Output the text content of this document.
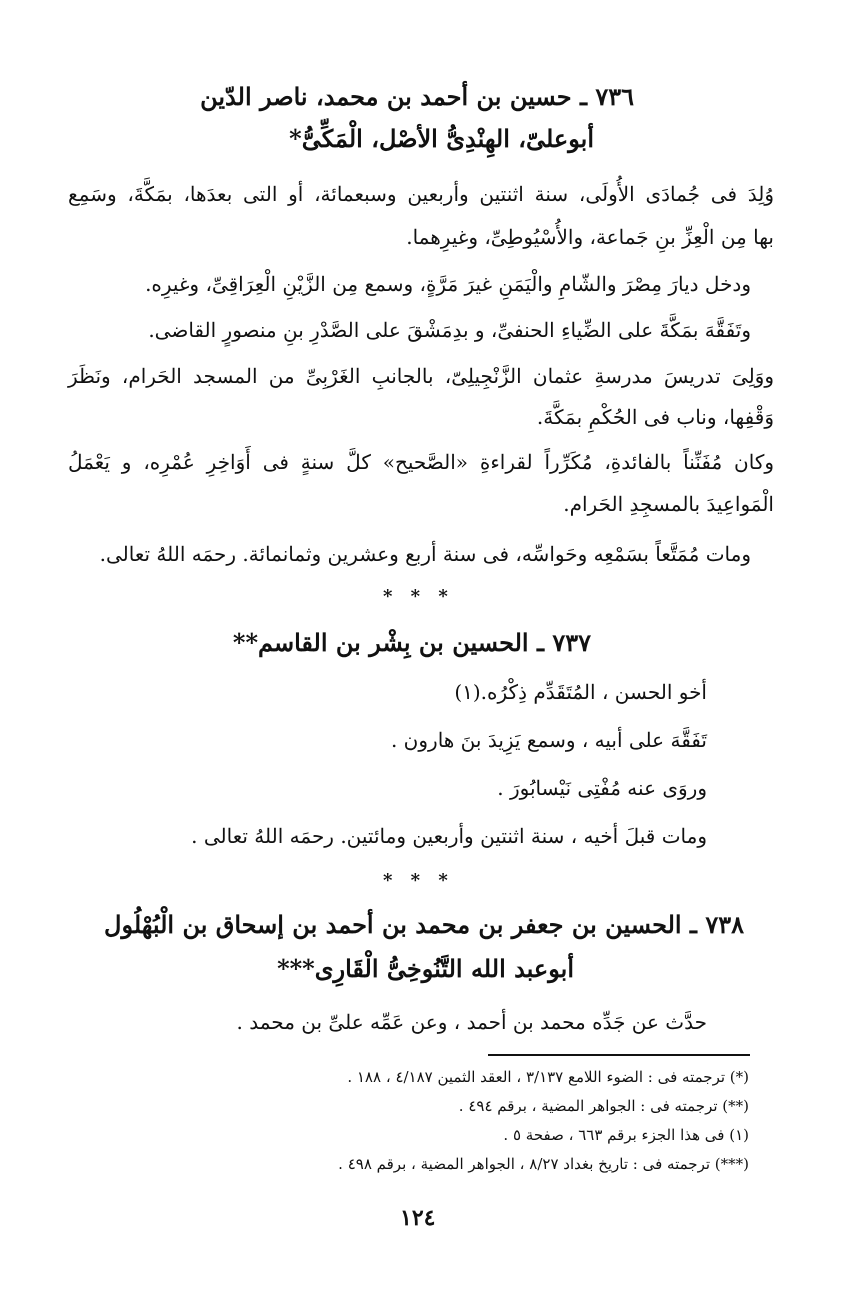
٧٣٦ ـ حسين بن أحمد بن محمد، ناصر الدّين
أبوعلىّ، الهِنْدِىُّ الأصْل، الْمَكِّىُّ*
وُلِدَ فى جُمادَى الأُولَى، سنة اثنتين وأربعين وسبعمائة، أو التى بعدَها، بمَكَّةَ، وسَمِع
بها مِن الْعِزِّ بنِ جَماعة، والأُسْيُوطِىِّ، وغيرِهما.
ودخل ديارَ مِصْرَ والشّامِ والْيَمَنِ غيرَ مَرَّةٍ، وسمع مِن الزَّيْنِ الْعِرَاقِىِّ، وغيرِه.
وتَفَقَّهَ بمَكَّةَ على الضِّياءِ الحنفىِّ، و بدِمَشْقَ على الصَّدْرِ بنِ منصورٍ القاضى.
ووَلِىَ تدريسَ مدرسةِ عثمان الزَّنْجِيلِىّ، بالجانبِ الغَرْبِىِّ من المسجد الحَرام، ونَظَرَ
وَقْفِها، وناب فى الحُكْمِ بمَكَّةَ.
وكان مُفَنِّناً بالفائدةِ، مُكَرِّراً لقراءةِ «الصَّحيح» كلَّ سنةٍ فى أَوَاخِرِ عُمْرِه، و يَعْمَلُ
الْمَواعِيدَ بالمسجِدِ الحَرام.
ومات مُمَتَّعاً بسَمْعِه وحَواسِّه، فى سنة أربع وعشرين وثمانمائة. رحمَه اللهُ تعالى.
* * *
٧٣٧ ـ الحسين بن بِشْر بن القاسم**
أخو الحسن ، المُتَقَدِّم ذِكْرُه.(١)
تَفَقَّهَ على أبيه ، وسمع يَزِيدَ بنَ هارون .
وروَى عنه مُفْتِى نَيْسابُورَ .
ومات قبلَ أخيه ، سنة اثنتين وأربعين ومائتين. رحمَه اللهُ تعالى .
* * *
٧٣٨ ـ الحسين بن جعفر بن محمد بن أحمد بن إسحاق بن الْبُهْلُول
أبوعبد الله التَّنُوخِىُّ الْقَارِى***
حدَّث عن جَدِّه محمد بن أحمد ، وعن عَمِّه علىِّ بن محمد .
(*) ترجمته فى : الضوء اللامع ٣/١٣٧ ، العقد الثمين ٤/١٨٧ ، ١٨٨ .
(**) ترجمته فى : الجواهر المضية ، برقم ٤٩٤ .
(١) فى هذا الجزء برقم ٦٦٣ ، صفحة ٥ .
(***) ترجمته فى : تاريخ بغداد ٨/٢٧ ، الجواهر المضية ، برقم ٤٩٨ .
١٢٤
